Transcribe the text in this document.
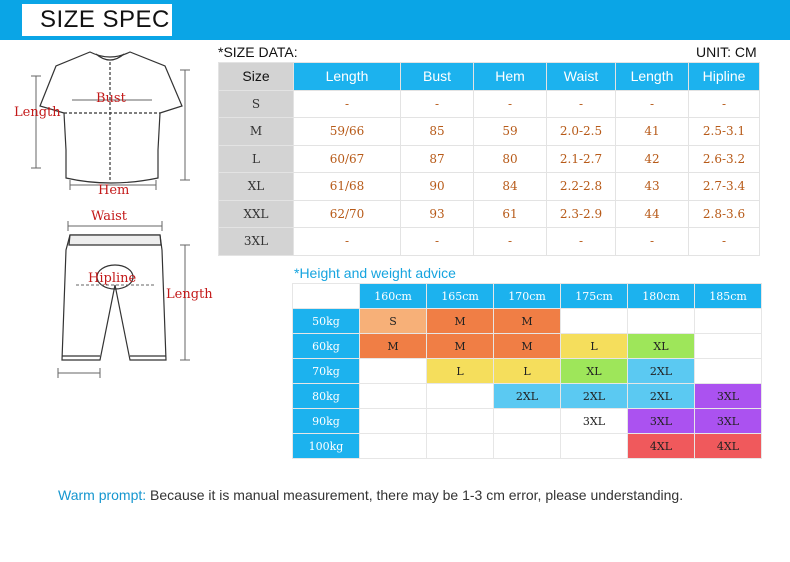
SIZE SPEC
Length
Bust
Hem
Waist
Hipline
Length
*SIZE DATA:	UNIT: CM
Size	Length	Bust	Hem	Waist	Length	Hipline
S	-	-	-	-	-	-
M	59/66	85	59	2.0-2.5	41	2.5-3.1
L	60/67	87	80	2.1-2.7	42	2.6-3.2
XL	61/68	90	84	2.2-2.8	43	2.7-3.4
XXL	62/70	93	61	2.3-2.9	44	2.8-3.6
3XL	-	-	-	-	-	-
*Height and weight advice
	160cm	165cm	170cm	175cm	180cm	185cm
50kg	S	M	M			
60kg	M	M	M	L	XL	
70kg		L	L	XL	2XL	
80kg			2XL	2XL	2XL	3XL
90kg				3XL	3XL	3XL
100kg					4XL	4XL
Warm prompt: Because it is manual measurement, there may be 1-3 cm error, please understanding.
